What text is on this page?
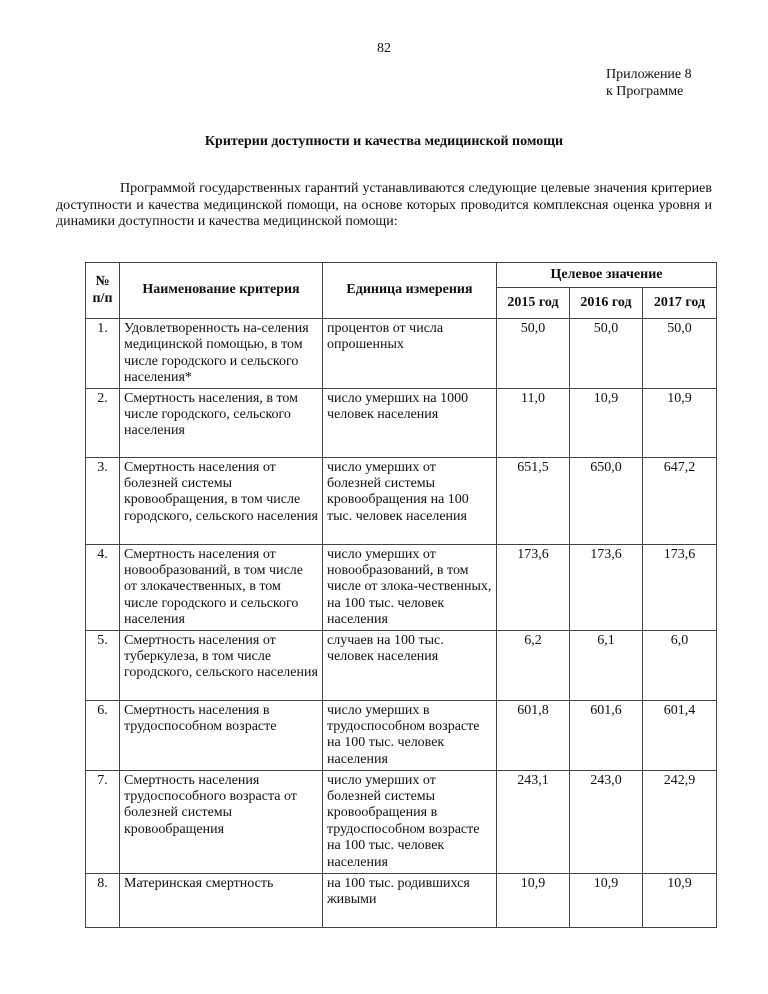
82
Приложение 8
к Программе
Критерии доступности и качества медицинской помощи

Программой государственных гарантий устанавливаются следующие целевые значения критериев доступности и качества медицинской помощи, на основе которых проводится комплексная оценка уровня и динамики доступности и качества медицинской помощи:

№ п/п	Наименование критерия	Единица измерения	Целевое значение		
			2015 год	2016 год	2017 год
1.	Удовлетворенность на-селения медицинской помощью, в том числе городского и сельского населения*	процентов от числа опрошенных	50,0	50,0	50,0
2.	Смертность населения, в том числе городского, сельского населения	число умерших на 1000 человек населения	11,0	10,9	10,9
3.	Смертность населения от болезней системы кровообращения, в том числе городского, сельского населения	число умерших от болезней системы кровообращения на 100 тыс. человек населения	651,5	650,0	647,2
4.	Смертность населения от новообразований, в том числе от злокачественных, в том числе городского и сельского населения	число умерших от новообразований, в том числе от злока-чественных, на 100 тыс. человек населения	173,6	173,6	173,6
5.	Смертность населения от туберкулеза, в том числе городского, сельского населения	случаев на 100 тыс. человек населения	6,2	6,1	6,0
6.	Смертность населения в трудоспособном возрасте	число умерших в трудоспособном возрасте на 100 тыс. человек населения	601,8	601,6	601,4
7.	Смертность населения трудоспособного возраста от болезней системы кровообращения	число умерших от болезней системы кровообращения в трудоспособном возрасте на 100 тыс. человек населения	243,1	243,0	242,9
8.	Материнская смертность	на 100 тыс. родившихся живыми	10,9	10,9	10,9
